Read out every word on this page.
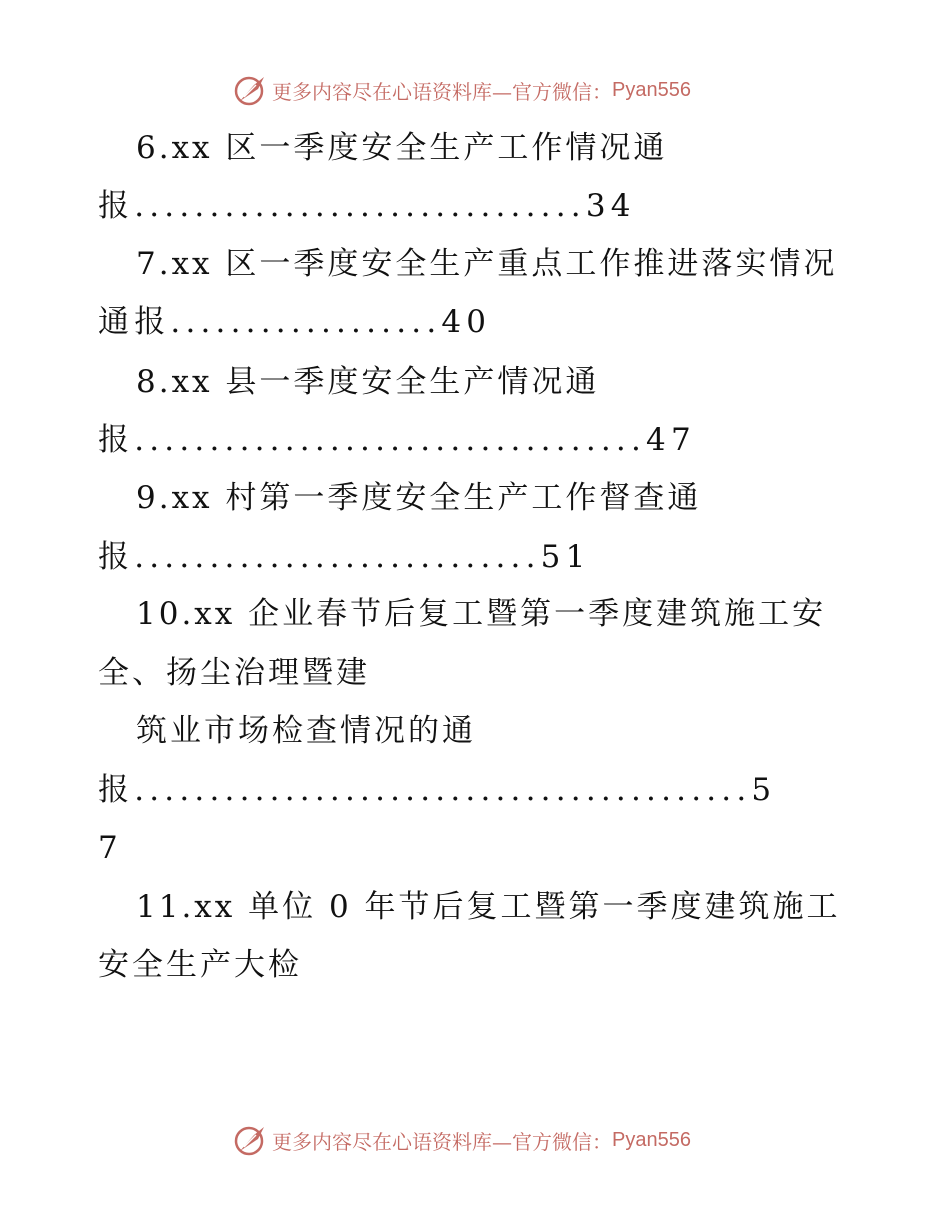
更多内容尽在心语资料库—官方微信： Pyan556
6.xx 区一季度安全生产工作情况通
报..............................34
7.xx 区一季度安全生产重点工作推进落实情况
通报..................40
8.xx 县一季度安全生产情况通
报..................................47
9.xx 村第一季度安全生产工作督查通
报...........................51
10.xx 企业春节后复工暨第一季度建筑施工安
全、扬尘治理暨建
筑业市场检查情况的通
报.........................................5
7
11.xx 单位 0 年节后复工暨第一季度建筑施工
安全生产大检
更多内容尽在心语资料库—官方微信： Pyan556
